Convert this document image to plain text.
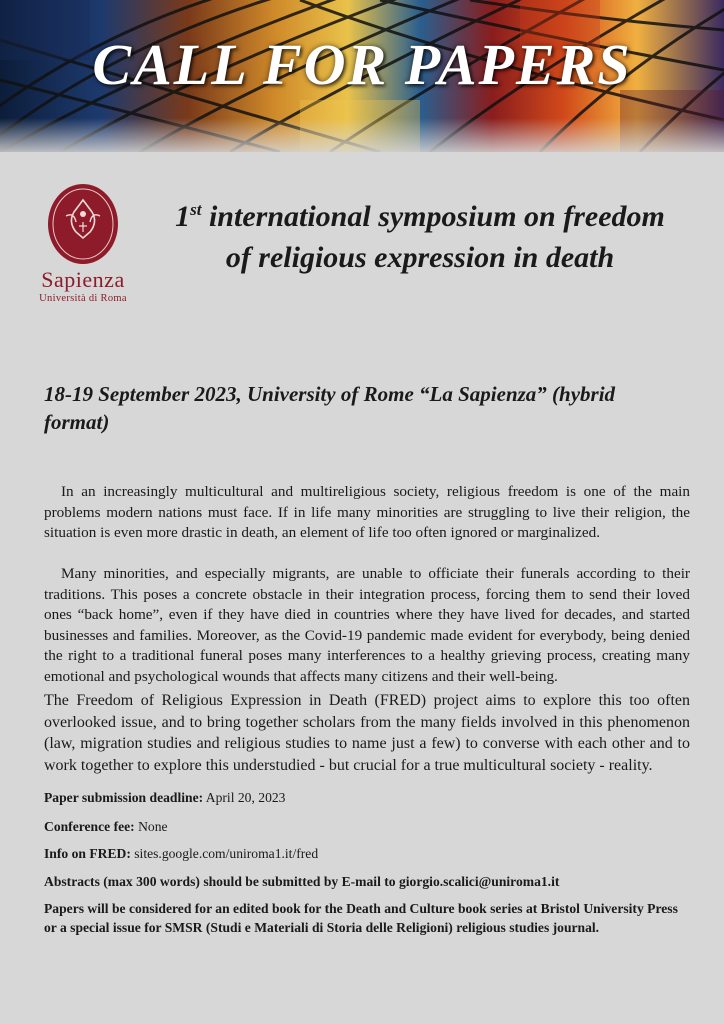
CALL FOR PAPERS
Sapienza
Università di Roma
1st international symposium on freedom of religious expression in death
18-19 September 2023, University of Rome “La Sapienza” (hybrid format)
In an increasingly multicultural and multireligious society, religious freedom is one of the main problems modern nations must face. If in life many minorities are struggling to live their religion, the situation is even more drastic in death, an element of life too often ignored or marginalized.
Many minorities, and especially migrants, are unable to officiate their funerals according to their traditions. This poses a concrete obstacle in their integration process, forcing them to send their loved ones “back home”, even if they have died in countries where they have lived for decades, and started businesses and families. Moreover, as the Covid-19 pandemic made evident for everybody, being denied the right to a traditional funeral poses many interferences to a healthy grieving process, creating many emotional and psychological wounds that affects many citizens and their well-being.
The Freedom of Religious Expression in Death (FRED) project aims to explore this too often overlooked issue, and to bring together scholars from the many fields involved in this phenomenon (law, migration studies and religious studies to name just a few) to converse with each other and to work together to explore this understudied - but crucial for a true multicultural society - reality.
Paper submission deadline: April 20, 2023
Conference fee: None
Info on FRED: sites.google.com/uniroma1.it/fred
Abstracts (max 300 words) should be submitted by E-mail to giorgio.scalici@uniroma1.it
Papers will be considered for an edited book for the Death and Culture book series at Bristol University Press or a special issue for SMSR (Studi e Materiali di Storia delle Religioni) religious studies journal.
